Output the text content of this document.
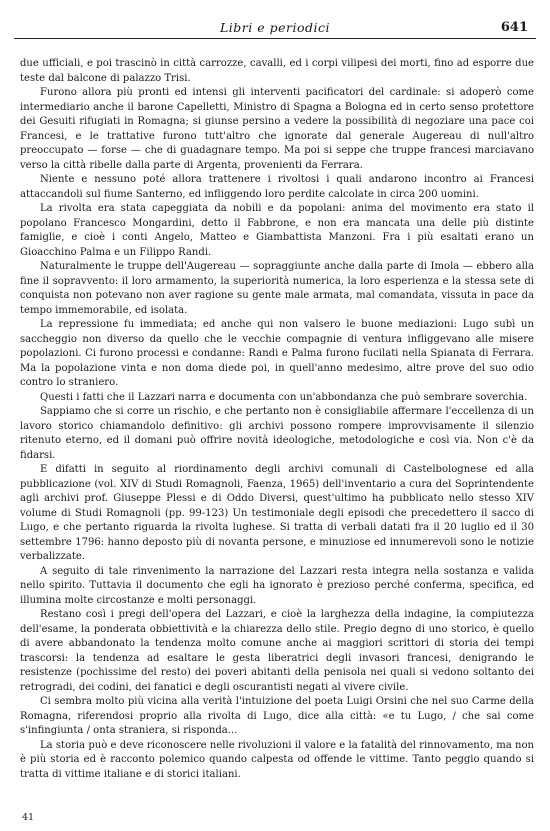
Libri e periodici	641

due ufficiali, e poi trascinò in città carrozze, cavalli, ed i corpi vilipesi dei morti, fino ad esporre due teste dal balcone di palazzo Trisi.

Furono allora più pronti ed intensi gli interventi pacificatori del cardinale: si adoperò come intermediario anche il barone Capelletti, Ministro di Spagna a Bologna ed in certo senso protettore dei Gesuiti rifugiati in Romagna; si giunse persino a vedere la possibilità di negoziare una pace coi Francesi, e le trattative furono tutt'altro che ignorate dal generale Augereau di null'altro preoccupato — forse — che di guadagnare tempo. Ma poi si seppe che truppe francesi marciavano verso la città ribelle dalla parte di Argenta, provenienti da Ferrara.

Niente e nessuno poté allora trattenere i rivoltosi i quali andarono incontro ai Francesi attaccandoli sul fiume Santerno, ed infliggendo loro perdite calcolate in circa 200 uomini.

La rivolta era stata capeggiata da nobili e da popolani: anima del movimento era stato il popolano Francesco Mongardini, detto il Fabbrone, e non era mancata una delle più distinte famiglie, e cioè i conti Angelo, Matteo e Giambattista Manzoni. Fra i più esaltati erano un Gioacchino Palma e un Filippo Randi.

Naturalmente le truppe dell'Augereau — sopraggiunte anche dalla parte di Imola — ebbero alla fine il sopravvento: il loro armamento, la superiorità numerica, la loro esperienza e la stessa sete di conquista non potevano non aver ragione su gente male armata, mal comandata, vissuta in pace da tempo immemorabile, ed isolata.

La repressione fu immediata; ed anche qui non valsero le buone mediazioni: Lugo subì un saccheggio non diverso da quello che le vecchie compagnie di ventura infliggevano alle misere popolazioni. Ci furono processi e condanne: Randi e Palma furono fucilati nella Spianata di Ferrara. Ma la popolazione vinta e non doma diede poi, in quell'anno medesimo, altre prove del suo odio contro lo straniero.

Questi i fatti che il Lazzari narra e documenta con un'abbondanza che può sembrare soverchia.

Sappiamo che si corre un rischio, e che pertanto non è consigliabile affermare l'eccellenza di un lavoro storico chiamandolo definitivo: gli archivi possono rompere improvvisamente il silenzio ritenuto eterno, ed il domani può offrire novità ideologiche, metodologiche e così via. Non c'è da fidarsi.

E difatti in seguito al riordinamento degli archivi comunali di Castelbolognese ed alla pubblicazione (vol. XIV di Studi Romagnoli, Faenza, 1965) dell'inventario a cura del Soprintendente agli archivi prof. Giuseppe Plessi e di Oddo Diversi, quest'ultimo ha pubblicato nello stesso XIV volume di Studi Romagnoli (pp. 99-123) Un testimoniale degli episodi che precedettero il sacco di Lugo, e che pertanto riguarda la rivolta lughese. Si tratta di verbali datati fra il 20 luglio ed il 30 settembre 1796: hanno deposto più di novanta persone, e minuziose ed innumerevoli sono le notizie verbalizzate.

A seguito di tale rinvenimento la narrazione del Lazzari resta integra nella sostanza e valida nello spirito. Tuttavia il documento che egli ha ignorato è prezioso perché conferma, specifica, ed illumina molte circostanze e molti personaggi.

Restano così i pregi dell'opera del Lazzari, e cioè la larghezza della indagine, la compiutezza dell'esame, la ponderata obbiettività e la chiarezza dello stile. Pregio degno di uno storico, è quello di avere abbandonato la tendenza molto comune anche ai maggiori scrittori di storia dei tempi trascorsi: la tendenza ad esaltare le gesta liberatrici degli invasori francesi, denigrando le resistenze (pochissime del resto) dei poveri abitanti della penisola nei quali si vedono soltanto dei retrogradi, dei codini, dei fanatici e degli oscurantisti negati al vivere civile.

Ci sembra molto più vicina alla verità l'intuizione del poeta Luigi Orsini che nel suo Carme della Romagna, riferendosi proprio alla rivolta di Lugo, dice alla città: «e tu Lugo, / che sai come s'infingiunta / onta straniera, si risponda...

La storia può e deve riconoscere nelle rivoluzioni il valore e la fatalità del rinnovamento, ma non è più storia ed è racconto polemico quando calpesta od offende le vittime. Tanto peggio quando si tratta di vittime italiane e di storici italiani.

41
